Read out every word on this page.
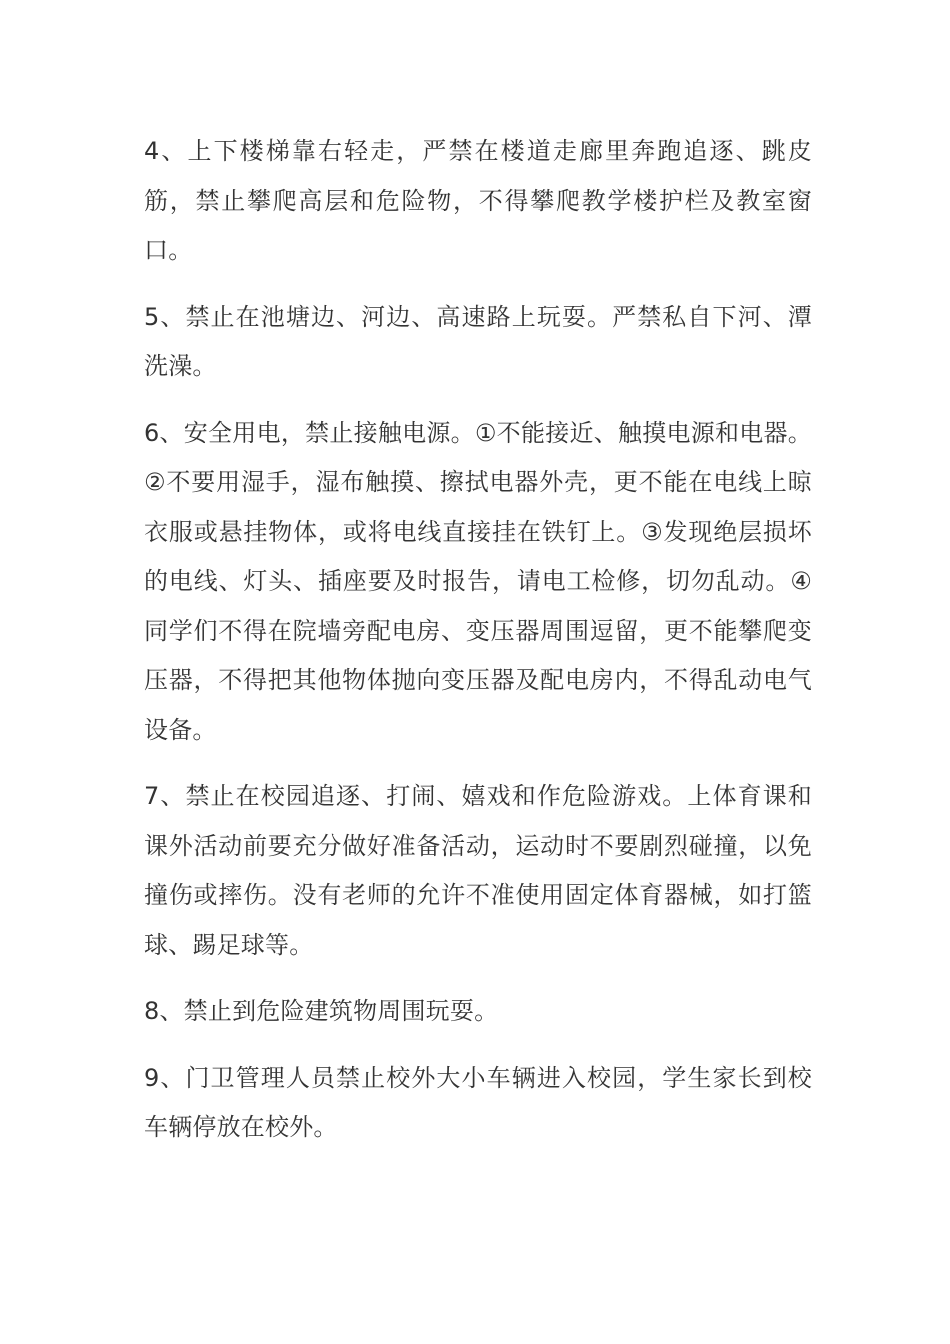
4、上下楼梯靠右轻走，严禁在楼道走廊里奔跑追逐、跳皮筋，禁止攀爬高层和危险物，不得攀爬教学楼护栏及教室窗口。

5、禁止在池塘边、河边、高速路上玩耍。严禁私自下河、潭洗澡。

6、安全用电，禁止接触电源。①不能接近、触摸电源和电器。②不要用湿手，湿布触摸、擦拭电器外壳，更不能在电线上晾衣服或悬挂物体，或将电线直接挂在铁钉上。③发现绝层损坏的电线、灯头、插座要及时报告，请电工检修，切勿乱动。④同学们不得在院墙旁配电房、变压器周围逗留，更不能攀爬变压器，不得把其他物体抛向变压器及配电房内，不得乱动电气设备。

7、禁止在校园追逐、打闹、嬉戏和作危险游戏。上体育课和课外活动前要充分做好准备活动，运动时不要剧烈碰撞，以免撞伤或摔伤。没有老师的允许不准使用固定体育器械，如打篮球、踢足球等。

8、禁止到危险建筑物周围玩耍。

9、门卫管理人员禁止校外大小车辆进入校园，学生家长到校车辆停放在校外。
